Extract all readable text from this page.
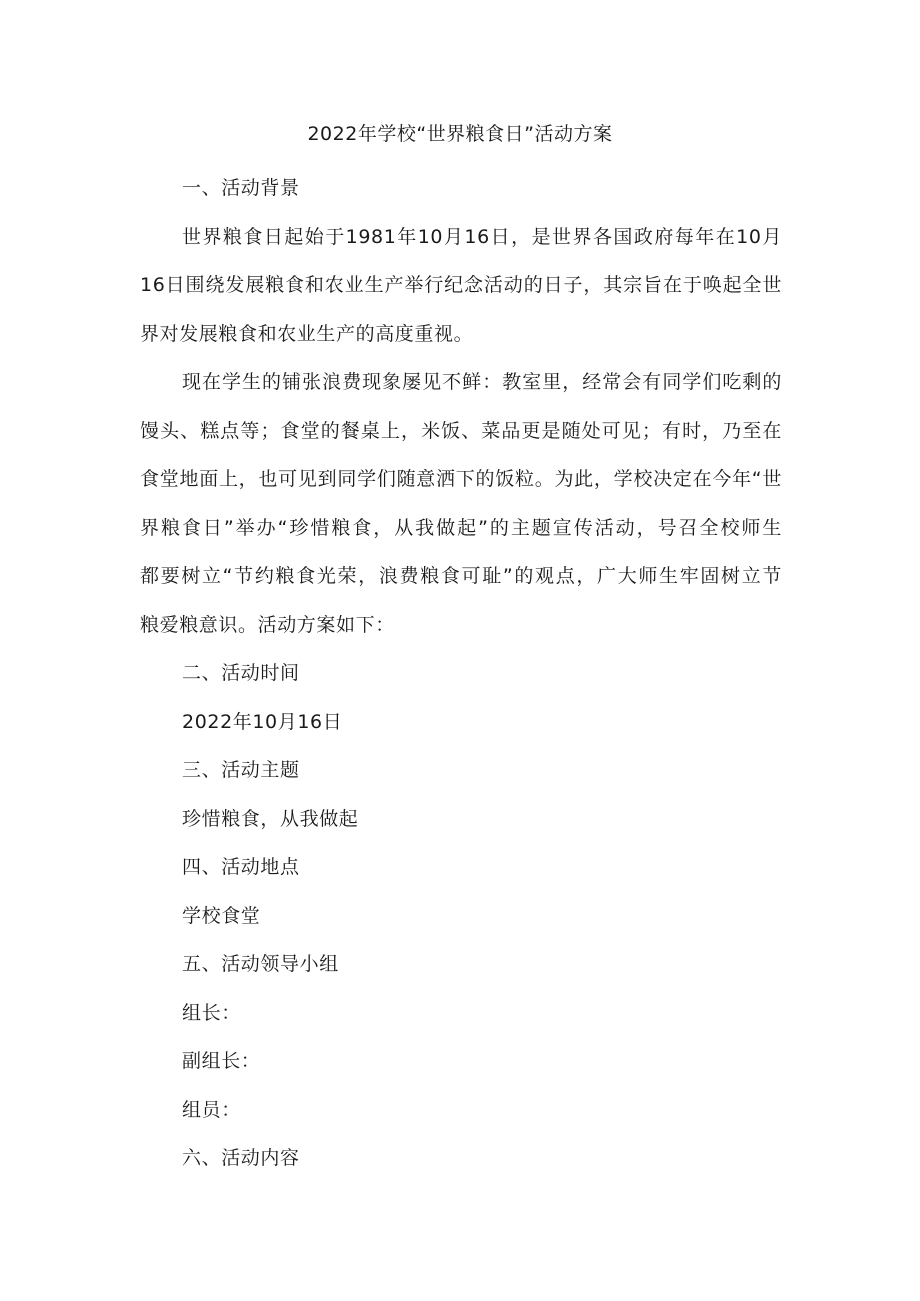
2022年学校“世界粮食日”活动方案
一、活动背景
世界粮食日起始于1981年10月16日，是世界各国政府每年在10月
16日围绕发展粮食和农业生产举行纪念活动的日子，其宗旨在于唤起全世
界对发展粮食和农业生产的高度重视。
现在学生的铺张浪费现象屡见不鲜：教室里，经常会有同学们吃剩的
馒头、糕点等；食堂的餐桌上，米饭、菜品更是随处可见；有时，乃至在
食堂地面上，也可见到同学们随意洒下的饭粒。为此，学校决定在今年“世
界粮食日”举办“珍惜粮食，从我做起”的主题宣传活动，号召全校师生
都要树立“节约粮食光荣，浪费粮食可耻”的观点，广大师生牢固树立节
粮爱粮意识。活动方案如下：
二、活动时间
2022年10月16日
三、活动主题
珍惜粮食，从我做起
四、活动地点
学校食堂
五、活动领导小组
组长：
副组长：
组员：
六、活动内容
